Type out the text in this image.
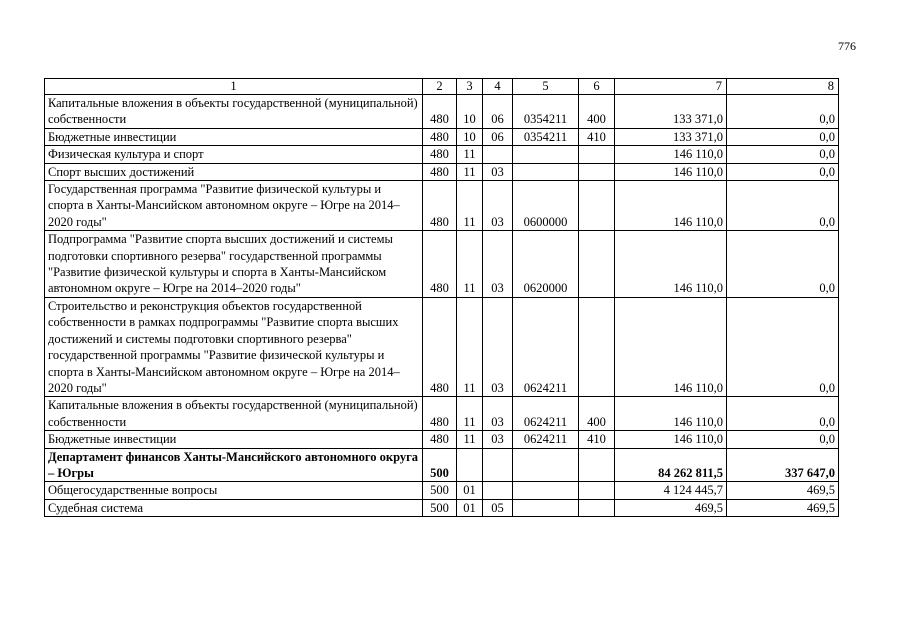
776
1	2	3	4	5	6	7	8
Капитальные вложения в объекты государственной (муниципальной) собственности	480	10	06	0354211	400	133 371,0	0,0
Бюджетные инвестиции	480	10	06	0354211	410	133 371,0	0,0
Физическая культура и спорт	480	11				146 110,0	0,0
Спорт высших достижений	480	11	03			146 110,0	0,0
Государственная программа "Развитие физической культуры и спорта в Ханты-Мансийском автономном округе – Югре на 2014–2020 годы"	480	11	03	0600000		146 110,0	0,0
Подпрограмма "Развитие спорта высших достижений и системы подготовки спортивного резерва" государственной программы "Развитие физической культуры и спорта в Ханты-Мансийском автономном округе – Югре на 2014–2020 годы"	480	11	03	0620000		146 110,0	0,0
Строительство и реконструкция объектов государственной собственности в рамках подпрограммы "Развитие спорта высших достижений и системы подготовки спортивного резерва" государственной программы "Развитие физической культуры и спорта в Ханты-Мансийском автономном округе – Югре на 2014–2020 годы"	480	11	03	0624211		146 110,0	0,0
Капитальные вложения в объекты государственной (муниципальной) собственности	480	11	03	0624211	400	146 110,0	0,0
Бюджетные инвестиции	480	11	03	0624211	410	146 110,0	0,0
Департамент финансов Ханты-Мансийского автономного округа – Югры	500					84 262 811,5	337 647,0
Общегосударственные вопросы	500	01				4 124 445,7	469,5
Судебная система	500	01	05			469,5	469,5
